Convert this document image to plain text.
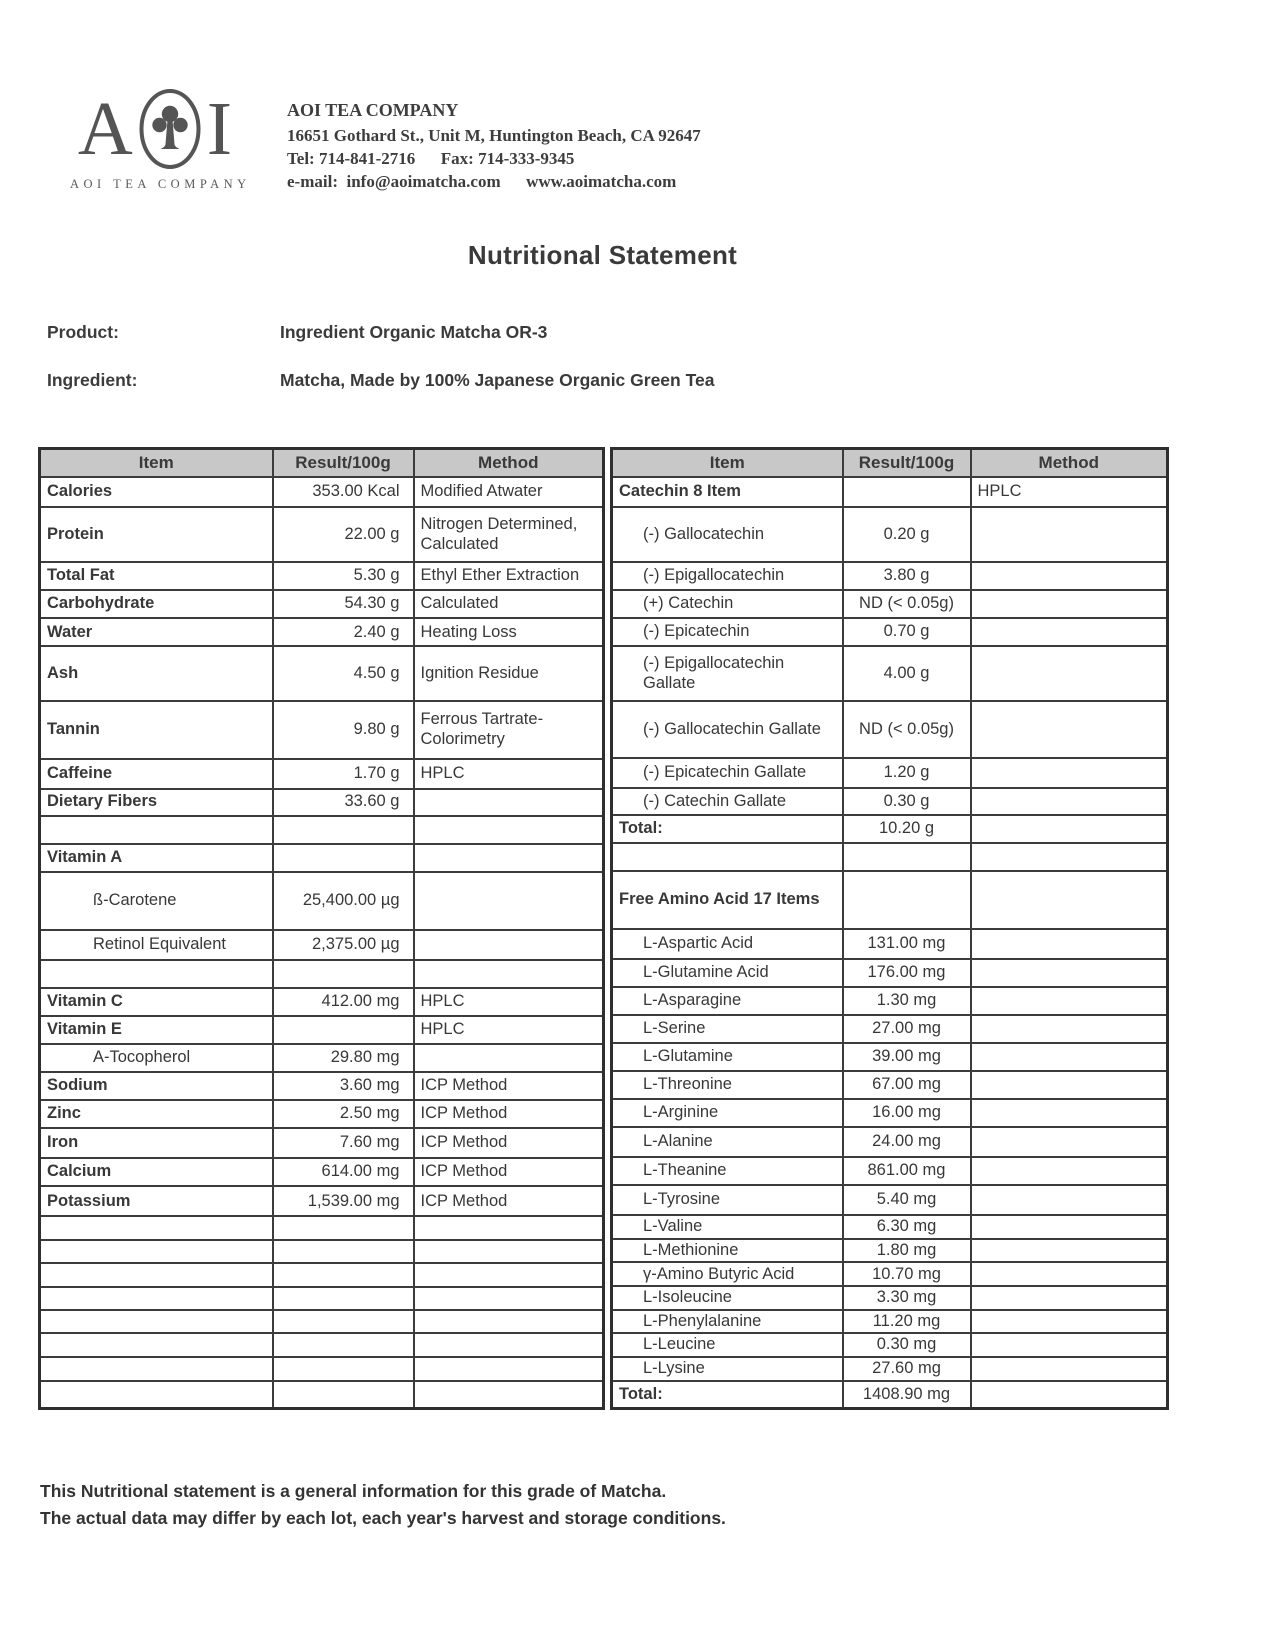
A I
AOI TEA COMPANY
AOI TEA COMPANY
16651 Gothard St., Unit M, Huntington Beach, CA 92647
Tel: 714-841-2716      Fax: 714-333-9345
e-mail:  info@aoimatcha.com      www.aoimatcha.com
Nutritional Statement
Product:	Ingredient Organic Matcha OR-3
Ingredient:	Matcha, Made by 100% Japanese Organic Green Tea
Item	Result/100g	Method
Calories	353.00 Kcal	Modified Atwater
Protein	22.00 g	Nitrogen Determined, Calculated
Total Fat	5.30 g	Ethyl Ether Extraction
Carbohydrate	54.30 g	Calculated
Water	2.40 g	Heating Loss
Ash	4.50 g	Ignition Residue
Tannin	9.80 g	Ferrous Tartrate- Colorimetry
Caffeine	1.70 g	HPLC
Dietary Fibers	33.60 g	

Vitamin A		
ß-Carotene	25,400.00 µg	
Retinol Equivalent	2,375.00 µg	

Vitamin C	412.00 mg	HPLC
Vitamin E		HPLC
A-Tocopherol	29.80 mg	
Sodium	3.60 mg	ICP Method
Zinc	2.50 mg	ICP Method
Iron	7.60 mg	ICP Method
Calcium	614.00 mg	ICP Method
Potassium	1,539.00 mg	ICP Method

Item	Result/100g	Method
Catechin 8 Item		HPLC
(-) Gallocatechin	0.20 g	
(-) Epigallocatechin	3.80 g	
(+) Catechin	ND (< 0.05g)	
(-) Epicatechin	0.70 g	
(-) Epigallocatechin Gallate	4.00 g	
(-) Gallocatechin Gallate	ND (< 0.05g)	
(-) Epicatechin Gallate	1.20 g	
(-) Catechin Gallate	0.30 g	
Total:	10.20 g	

Free Amino Acid 17 Items		
L-Aspartic Acid	131.00 mg	
L-Glutamine Acid	176.00 mg	
L-Asparagine	1.30 mg	
L-Serine	27.00 mg	
L-Glutamine	39.00 mg	
L-Threonine	67.00 mg	
L-Arginine	16.00 mg	
L-Alanine	24.00 mg	
L-Theanine	861.00 mg	
L-Tyrosine	5.40 mg	
L-Valine	6.30 mg	
L-Methionine	1.80 mg	
γ-Amino Butyric Acid	10.70 mg	
L-Isoleucine	3.30 mg	
L-Phenylalanine	11.20 mg	
L-Leucine	0.30 mg	
L-Lysine	27.60 mg	
Total:	1408.90 mg	
This Nutritional statement is a general information for this grade of Matcha.
The actual data may differ by each lot, each year's harvest and storage conditions.
